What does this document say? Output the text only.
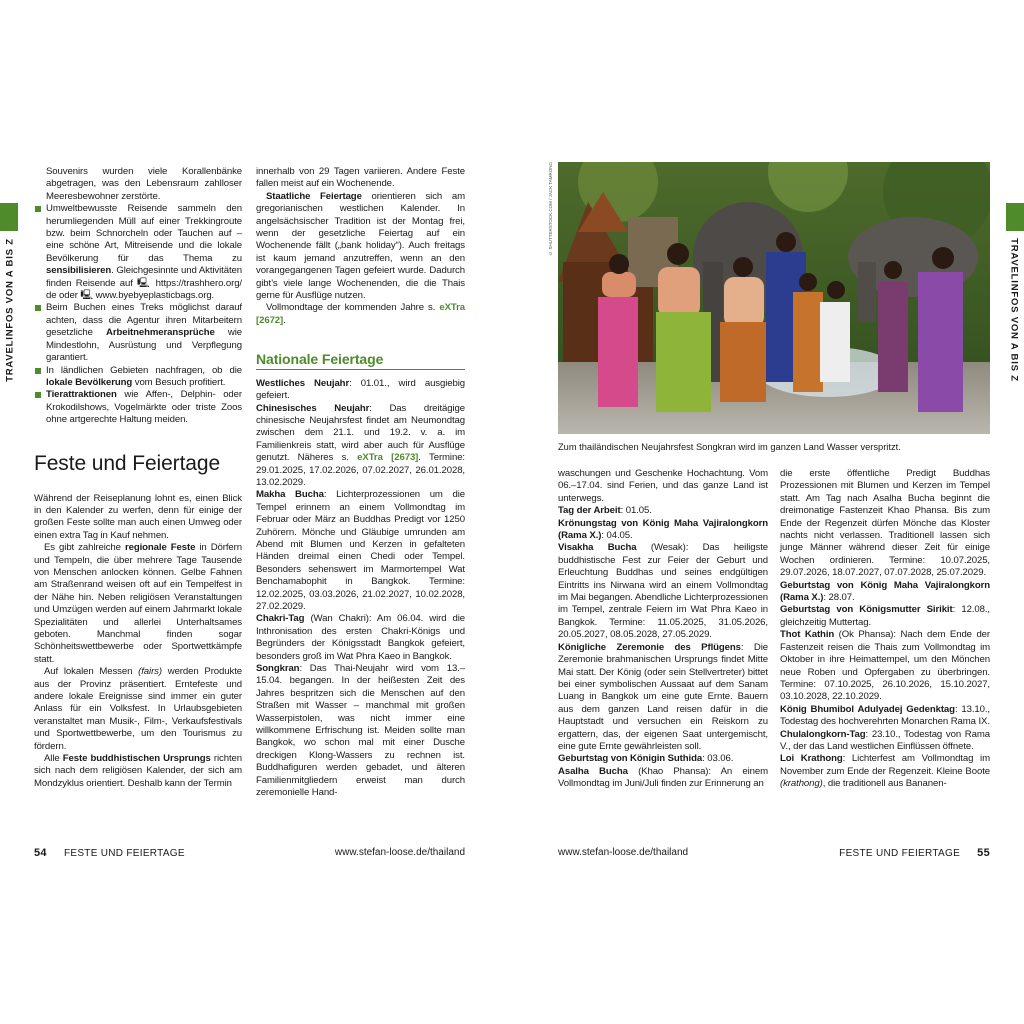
TRAVELINFOS VON A BIS Z	TRAVELINFOS VON A BIS Z

Souvenirs wurden viele Korallenbänke abgetragen, was den Lebensraum zahlloser Meeresbewohner zerstörte.

Umweltbewusste Reisende sammeln den herumliegenden Müll auf einer Trekkingroute bzw. beim Schnorcheln oder Tauchen auf – eine schöne Art, Mitreisende und die lokale Bevölkerung für das Thema zu sensibilisieren. Gleichgesinnte und Aktivitäten finden Reisende auf 🖳 https://trashhero.org/ de oder 🖳 www.byebyeplasticbags.org.

Beim Buchen eines Treks möglichst darauf achten, dass die Agentur ihren Mitarbeitern gesetzliche Arbeitnehmeransprüche wie Mindestlohn, Ausrüstung und Verpflegung garantiert.

In ländlichen Gebieten nachfragen, ob die lokale Bevölkerung vom Besuch profitiert.

Tierattraktionen wie Affen-, Delphin- oder Krokodilshows, Vogelmärkte oder triste Zoos ohne artgerechte Haltung meiden.

Feste und Feiertage

Während der Reiseplanung lohnt es, einen Blick in den Kalender zu werfen, denn für einige der großen Feste sollte man auch einen Umweg oder einen extra Tag in Kauf nehmen.

Es gibt zahlreiche regionale Feste in Dörfern und Tempeln, die über mehrere Tage Tausende von Menschen anlocken können. Gelbe Fahnen am Straßenrand weisen oft auf ein Tempelfest in der Nähe hin. Neben religiösen Veranstaltungen und Umzügen werden auf einem Jahrmarkt lokale Spezialitäten und allerlei Unterhaltsames geboten. Manchmal finden sogar Schönheitswettbewerbe oder Sportwettkämpfe statt.

Auf lokalen Messen (fairs) werden Produkte aus der Provinz präsentiert. Erntefeste und andere lokale Ereignisse sind immer ein guter Anlass für ein Volksfest. In Urlaubsgebieten veranstaltet man Musik-, Film-, Verkaufsfestivals und Sportwettbewerbe, um den Tourismus zu fördern.

Alle Feste buddhistischen Ursprungs richten sich nach dem religiösen Kalender, der sich am Mondzyklus orientiert. Deshalb kann der Termin

innerhalb von 29 Tagen variieren. Andere Feste fallen meist auf ein Wochenende.

Staatliche Feiertage orientieren sich am gregorianischen westlichen Kalender. In angelsächsischer Tradition ist der Montag frei, wenn der gesetzliche Feiertag auf ein Wochenende fällt („bank holiday“). Auch freitags ist kaum jemand anzutreffen, wenn an den vorangegangenen Tagen gefeiert wurde. Dadurch gibt’s viele lange Wochenenden, die die Thais gerne für Ausflüge nutzen.

Vollmondtage der kommenden Jahre s. eXTra [2672].

Nationale Feiertage

Westliches Neujahr: 01.01., wird ausgiebig gefeiert.

Chinesisches Neujahr: Das dreitägige chinesische Neujahrsfest findet am Neumondtag zwischen dem 21.1. und 19.2. v. a. im Familienkreis statt, wird aber auch für Ausflüge genutzt. Näheres s. eXTra [2673]. Termine: 29.01.2025, 17.02.2026, 07.02.2027, 26.01.2028, 13.02.2029.

Makha Bucha: Lichterprozessionen um die Tempel erinnern an einem Vollmondtag im Februar oder März an Buddhas Predigt vor 1250 Zuhörern. Mönche und Gläubige umrunden am Abend mit Blumen und Kerzen in gefalteten Händen dreimal einen Chedi oder Tempel. Besonders sehenswert im Marmortempel Wat Benchamabophit in Bangkok. Termine: 12.02.2025, 03.03.2026, 21.02.2027, 10.02.2028, 27.02.2029.

Chakri-Tag (Wan Chakri): Am 06.04. wird die Inthronisation des ersten Chakri-Königs und Begründers der Königsstadt Bangkok gefeiert, besonders groß im Wat Phra Kaeo in Bangkok.

Songkran: Das Thai-Neujahr wird vom 13.–15.04. begangen. In der heißesten Zeit des Jahres bespritzen sich die Menschen auf den Straßen mit Wasser – manchmal mit großen Wasserpistolen, was nicht immer eine willkommene Erfrischung ist. Meiden sollte man Bangkok, wo schon mal mit einer Dusche dreckigen Klong-Wassers zu rechnen ist. Buddhafiguren werden gebadet, und älteren Familienmitgliedern erweist man durch zeremonielle Hand-

54 FESTE UND FEIERTAGE	www.stefan-loose.de/thailand
© SHUTTERSTOCK.COM / JACK TAMRONG
Zum thailändischen Neujahrsfest Songkran wird im ganzen Land Wasser verspritzt.

waschungen und Geschenke Hochachtung. Vom 06.–17.04. sind Ferien, und das ganze Land ist unterwegs.

Tag der Arbeit: 01.05.

Krönungstag von König Maha Vajiralongkorn (Rama X.): 04.05.

Visakha Bucha (Wesak): Das heiligste buddhistische Fest zur Feier der Geburt und Erleuchtung Buddhas und seines endgültigen Eintritts ins Nirwana wird an einem Vollmondtag im Mai begangen. Abendliche Lichterprozessionen im Tempel, zentrale Feiern im Wat Phra Kaeo in Bangkok. Termine: 11.05.2025, 31.05.2026, 20.05.2027, 08.05.2028, 27.05.2029.

Königliche Zeremonie des Pflügens: Die Zeremonie brahmanischen Ursprungs findet Mitte Mai statt. Der König (oder sein Stellvertreter) bittet bei einer symbolischen Aussaat auf dem Sanam Luang in Bangkok um eine gute Ernte. Bauern aus dem ganzen Land reisen dafür in die Hauptstadt und versuchen ein Reiskorn zu ergattern, das, der eigenen Saat untergemischt, eine gute Ernte gewährleisten soll.

Geburtstag von Königin Suthida: 03.06.

Asalha Bucha (Khao Phansa): An einem Vollmondtag im Juni/Juli finden zur Erinnerung an

die erste öffentliche Predigt Buddhas Prozessionen mit Blumen und Kerzen im Tempel statt. Am Tag nach Asalha Bucha beginnt die dreimonatige Fastenzeit Khao Phansa. Bis zum Ende der Regenzeit dürfen Mönche das Kloster nachts nicht verlassen. Traditionell lassen sich junge Männer während dieser Zeit für einige Wochen ordinieren. Termine: 10.07.2025, 29.07.2026, 18.07.2027, 07.07.2028, 25.07.2029.

Geburtstag von König Maha Vajiralongkorn (Rama X.): 28.07.

Geburtstag von Königsmutter Sirikit: 12.08., gleichzeitig Muttertag.

Thot Kathin (Ok Phansa): Nach dem Ende der Fastenzeit reisen die Thais zum Vollmondtag im Oktober in ihre Heimattempel, um den Mönchen neue Roben und Opfergaben zu überbringen. Termine: 07.10.2025, 26.10.2026, 15.10.2027, 03.10.2028, 22.10.2029.

König Bhumibol Adulyadej Gedenktag: 13.10., Todestag des hochverehrten Monarchen Rama IX.

Chulalongkorn-Tag: 23.10., Todestag von Rama V., der das Land westlichen Einflüssen öffnete.

Loi Krathong: Lichterfest am Vollmondtag im November zum Ende der Regenzeit. Kleine Boote (krathong), die traditionell aus Bananen-

www.stefan-loose.de/thailand	FESTE UND FEIERTAGE 55
